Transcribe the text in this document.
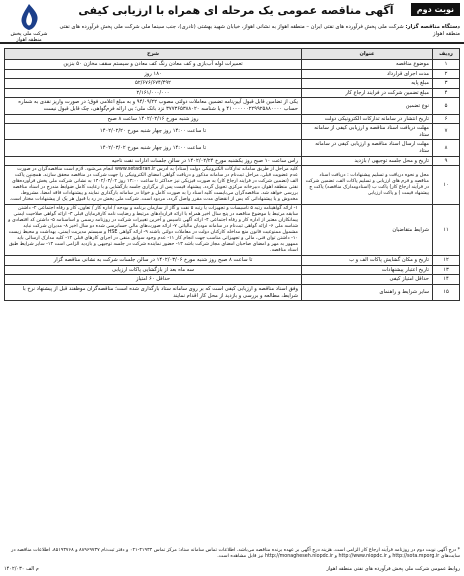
نوبت دوم
آگهی مناقصه عمومی یک مرحله ای همراه با ارزیابی کیفی
شرکت ملی پخش
منطقه اهواز
دستگاه مناقصه گزار: شرکت ملی پخش فرآورده های نفتی ایران – منطقه اهواز به نشانی اهواز، خیابان شهید بهشتی (نادری)، جنب سینما ملی شرکت ملی پخش فرآورده های نفتی منطقه اهواز
ردیف	عنوان	شرح
۱	موضوع مناقصه	تعمیرات لوله آب‌بازی و کف معادن رنگ کف معادن و سیستم سقف مخازن ۵۰ بنزین
۲	مدت اجرای قرارداد	۱۸۰ روز
۳	مبلغ پایه	۵۲/۶۷۶/۶۷۴/۴۹۲
۴	مبلغ تضمین شرکت در فرایند ارجاع کار	۲/۱۶۱/۰۰۰/۰۰۰
۵	نوع تضمین	یکی از تضامین قابل قبول آیین‌نامه تضمین معاملات دولتی مصوب ۹۴/۰۹/۲۲ و به مبلغ اعلامی فوق؛ در صورت واریز نقدی به شماره حساب ۴۱۰۰۰۰۰۰۲۲۹۹۲۵۸۸۰۰۰۰ و یا شناسه ۳۷۷۳۶۵۳۸۸۰۲۰ نزد بانک ملی؛ بی ارائه فرم‌گواهی، چک قابل قبول نیست
۶	تاریخ انتشار در سامانه تدارکات الکترونیکی دولت	روز شنبه مورخ ۱۴۰۲/۰۲/۱۶ ساعت ۸ صبح
۷	مهلت دریافت اسناد مناقصه و ارزیابی کیفی از سامانه ستاد	تا ساعت ۱۴:۰۰ روز چهار شنبه مورخ ۱۴۰۲/۰۲/۲۰
۸	مهلت ارسال اسناد مناقصه و ارزیابی کیفی در سامانه ستاد	تا ساعت ۱۴:۰۰ روز چهار شنبه مورخ ۱۴۰۲/۰۳/۰۲
۹	تاریخ و محل جلسه توجیهی / بازدید	راس ساعت ۱۰ صبح روز یکشنبه مورخ ۱۴۰۲/۰۲/۲۴ در سالن جلسات ادارات نفت ناحیه
۱۰	محل و نحوه دریافت و تسلیم پیشنهادات : دریافت اسناد مناقصه و فرم های ارزیابی و تسلیم پاکات الف، تضمین شرکت در فرآیند ارجاع کار) پاکت ب (اسنادومدارک مناقصه) پاکت ج پیشنهاد قیمت ) و پاکت ارزیابی	کلیه مراحل از طریق سامانه تدارکات الکترونیکی دولت (ستاد) به آدرس www.setadiran.ir انجام می‌شود. لازم است مناقصه‌گران در صورت عدم عضویت قبلی، مراحل ثبت‌نام در سامانه مذکور و دریافت گواهی امضای الکترونیکی را جهت شرکت در مناقصه محقق سازند. همچنین پاکت الف (تضمین شرکت در فرایند ارجاع کار) به صورت فیزیکی نیز حداکثر تا ساعت ۱۴:۰۰ روز ۱۴۰۲/۰۳/۰۲ به نشانی شرکت ملی پخش فرآورده‌های نفتی منطقه اهواز، دبیرخانه مرکزی تحویل گردد. پیشنهاد قیمت پس از برگزاری جلسه بازگشایی و با رعایت کامل ضوابط مندرج در اسناد مناقصه بررسی خواهد شد. مناقصه‌گران می‌بایست کلیه اسناد را به صورت کامل و خوانا در سامانه بارگذاری نمایند و پیشنهادات فاقد امضا، مشروط، مخدوش و یا پیشنهاداتی که پس از انقضای مدت مقرر واصل گردد، مردود است. شرکت ملی پخش در رد یا قبول هر یک از پیشنهادات مختار است.
۱۱	شرایط متقاضیان	۱- ارائه گواهینامه رتبه ۵ تاسیسات و تجهیزات یا رتبه ۵ نفت و گاز از سازمان برنامه و بودجه / اداره کار / تعاون، کار و رفاه اجتماعی ۲- داشتن سابقه مرتبط با موضوع مناقصه در پنج سال اخیر همراه با ارائه قراردادهای مرتبط و رضایت نامه کارفرمایان قبلی ۳- ارائه گواهی صلاحیت ایمنی پیمانکاران معتبر از اداره کار و رفاه اجتماعی ۴- ارائه آگهی تاسیس و آخرین تغییرات شرکت در روزنامه رسمی و اساسنامه ۵- داشتن کد اقتصادی و شناسه ملی ۶- ارائه گواهی ثبت‌نام در سامانه مودیان مالیاتی ۷- ارائه صورت‌های مالی حسابرسی شده دو سال اخیر ۸- مدیران شرکت نباید مشمول ممنوعیت قانون منع مداخله کارکنان دولت در معاملات دولتی باشند ۹- ارائه گواهی HSE و سیستم مدیریت ایمنی، بهداشت و محیط زیست ۱۰- داشتن توان فنی، مالی و تجهیزاتی مناسب جهت انجام کار ۱۱- عدم وجود سوابق منفی در اجرای کارهای قبلی ۱۲- کلیه مدارک ارسالی باید ممهور به مهر و امضای صاحبان امضای مجاز شرکت باشد ۱۳- حضور نماینده شرکت در جلسه توجیهی و بازدید الزامی است ۱۴- سایر شرایط طبق اسناد مناقصه.
۱۲	تاریخ و مکان گشایش پاکات الف و ب	تا ساعت ۸ صبح روز شنبه مورخ ۱۴۰۲/۰۳/۰۶ در سالن جلسات شرکت به نشانی مناقصه گزار
۱۳	تاریخ اعتبار پیشنهادات	سه ماه بعد از بازگشایی پاکات ارزیابی
۱۴	حداقل امتیاز کیفی	حداقل ۶۰ امتیاز
۱۵	سایر شرایط و راهنمای	وفق اسناد مناقصه و ارزیابی کیفی است که بر روی سامانه ستاد بارگذاری شده است؛ مناقصه‌گران موظفند قبل از پیشنهاد نرخ با شرایط، مطالعه و بررسی و بازدید از محل کار اقدام نمایند
* درج آگهی نوبت دوم در روزنامه فرآیند ارجاع کار الزامی است. هزینه درج آگهی بر عهده برنده مناقصه می‌باشد. اطلاعات تماس سامانه ستاد: مرکز تماس ۴۱۹۳۴-۰۲۱ و دفتر ثبت‌نام ۸۸۹۶۹۷۳۷ و ۸۵۱۹۳۷۶۸. اطلاعات مناقصه در سایت‌های http://sota.mporg.ir و http://www.niopdc.ir و http://monagheseh.niopdc.ir نیز قابل مشاهده است.
م الف ۱۴۰۲/۰۳۰	روابط عمومی شرکت ملی پخش فرآورده های نفتی منطقه اهواز
